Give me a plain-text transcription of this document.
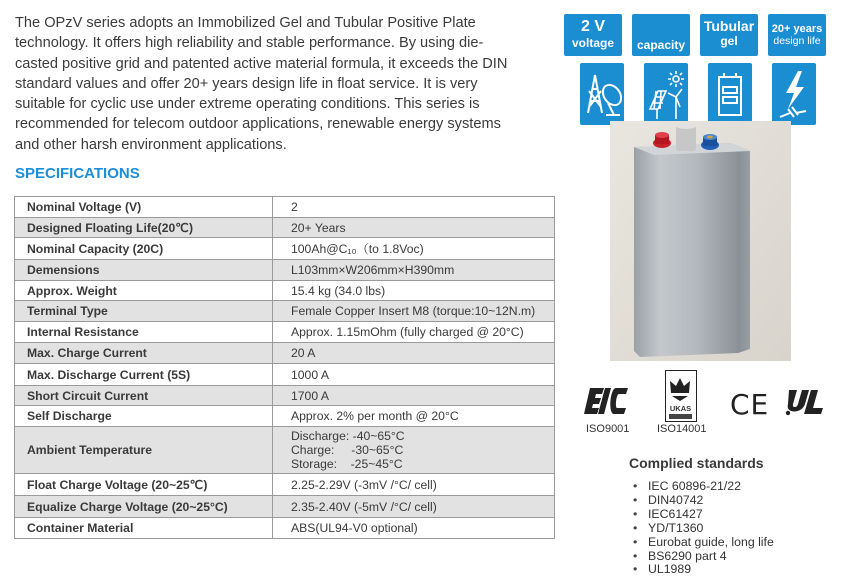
The OPzV series adopts an Immobilized Gel and Tubular Positive Plate technology. It offers high reliability and stable performance. By using die-casted positive grid and patented active material formula, it exceeds the DIN standard values and offer 20+ years design life in float service. It is very suitable for cyclic use under extreme operating conditions. This series is recommended for telecom outdoor applications, renewable energy systems and other harsh environment applications.

SPECIFICATIONS
Nominal Voltage (V)	2
Designed Floating Life(20℃)	20+ Years
Nominal Capacity (20C)	100Ah@C₁₀（to 1.8Voc)
Demensions	L103mm×W206mm×H390mm
Approx. Weight	15.4 kg (34.0 lbs)
Terminal Type	Female Copper Insert M8 (torque:10~12N.m)
Internal Resistance	Approx. 1.15mOhm (fully charged @ 20°C)
Max. Charge Current	20 A
Max. Discharge Current (5S)	1000 A
Short Circuit Current	1700 A
Self Discharge	Approx. 2% per month @ 20°C
Ambient Temperature	Discharge: -40~65°C
Charge:     -30~65°C
Storage:    -25~45°C

Float Charge Voltage (20~25℃)	2.25-2.29V (-3mV /°C/ cell)
Equalize Charge Voltage (20~25°C)	2.35-2.40V (-5mV /°C/ cell)
Container Material	ABS(UL94-V0 optional)
2 V
voltage	capacity
Tubular
gel
20+ years
design life
UKAS CE
ISO9001	ISO14001
Complied standards
• IEC 60896-21/22
• DIN40742
• IEC61427
• YD/T1360
• Eurobat guide, long life
• BS6290 part 4
• UL1989
